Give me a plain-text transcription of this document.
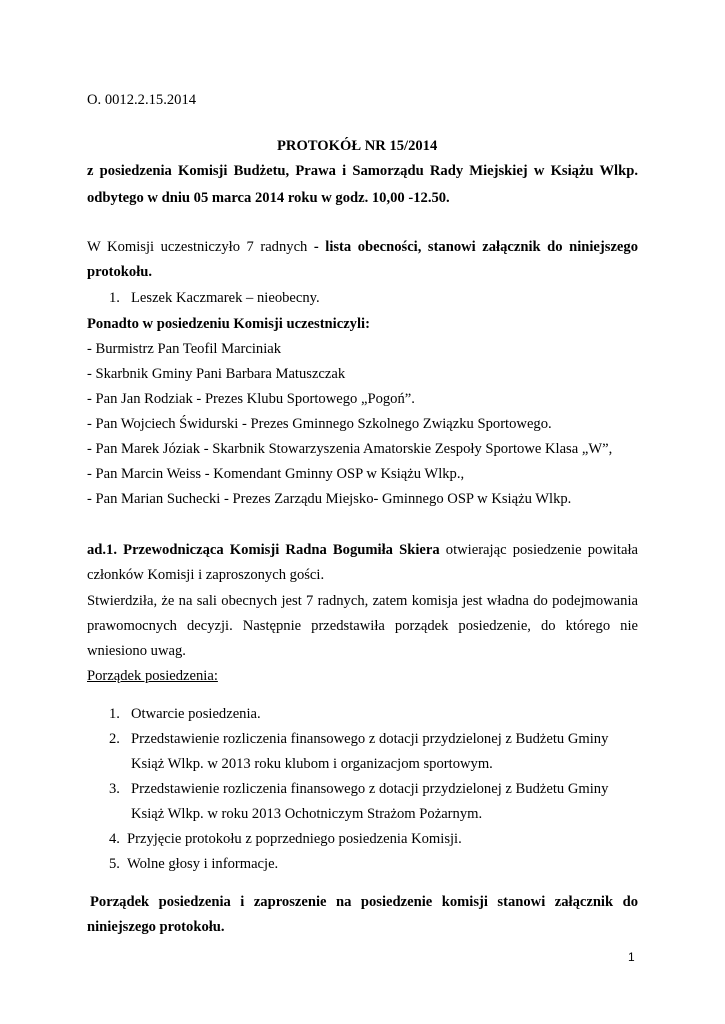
O. 0012.2.15.2014
PROTOKÓŁ NR 15/2014
z posiedzenia Komisji Budżetu, Prawa i Samorządu Rady Miejskiej w Książu Wlkp.
odbytego w dniu 05 marca 2014 roku w godz. 10,00 -12.50.
W Komisji uczestniczyło 7 radnych - lista obecności, stanowi załącznik do niniejszego
protokołu.
1. Leszek Kaczmarek – nieobecny.
Ponadto w posiedzeniu Komisji uczestniczyli:
- Burmistrz Pan Teofil Marciniak
- Skarbnik Gminy Pani Barbara Matuszczak
- Pan Jan Rodziak - Prezes Klubu Sportowego „Pogoń”.
- Pan Wojciech Świdurski - Prezes Gminnego Szkolnego Związku Sportowego.
- Pan Marek Józiak - Skarbnik Stowarzyszenia Amatorskie Zespoły Sportowe Klasa „W”,
- Pan Marcin Weiss - Komendant Gminny OSP w Książu Wlkp.,
- Pan Marian Suchecki - Prezes Zarządu Miejsko- Gminnego OSP w Książu Wlkp.
ad.1. Przewodnicząca Komisji Radna Bogumiła Skiera otwierając posiedzenie powitała
członków Komisji i zaproszonych gości.
Stwierdziła, że na sali obecnych jest 7 radnych, zatem komisja jest władna do podejmowania
prawomocnych decyzji. Następnie przedstawiła porządek posiedzenie, do którego nie
wniesiono uwag.
Porządek posiedzenia:
1. Otwarcie posiedzenia.
2. Przedstawienie rozliczenia finansowego z dotacji przydzielonej z Budżetu Gminy
Książ Wlkp. w 2013 roku klubom i organizacjom sportowym.
3. Przedstawienie rozliczenia finansowego z dotacji przydzielonej z Budżetu Gminy
Książ Wlkp. w roku 2013 Ochotniczym Strażom Pożarnym.
4. Przyjęcie protokołu z poprzedniego posiedzenia Komisji.
5. Wolne głosy i informacje.
Porządek posiedzenia i zaproszenie na posiedzenie komisji stanowi załącznik do
niniejszego protokołu.
1
